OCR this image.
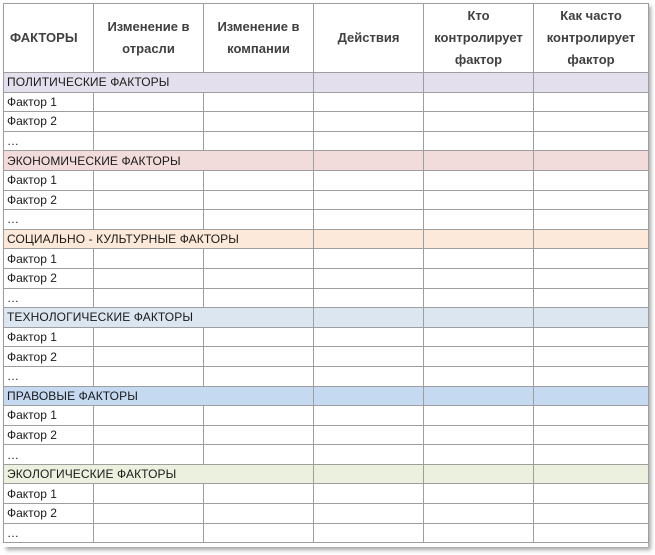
ФАКТОРЫ	Изменение в отрасли	Изменение в компании	Действия	Кто контролирует фактор	Как часто контролирует фактор

ПОЛИТИЧЕСКИЕ ФАКТОРЫ					
Фактор 1					
Фактор 2					
…					
ЭКОНОМИЧЕСКИЕ ФАКТОРЫ					
Фактор 1					
Фактор 2					
…					
СОЦИАЛЬНО - КУЛЬТУРНЫЕ ФАКТОРЫ					
Фактор 1					
Фактор 2					
…					
ТЕХНОЛОГИЧЕСКИЕ ФАКТОРЫ					
Фактор 1					
Фактор 2					
…					
ПРАВОВЫЕ ФАКТОРЫ					
Фактор 1					
Фактор 2					
…					
ЭКОЛОГИЧЕСКИЕ ФАКТОРЫ					
Фактор 1					
Фактор 2					
…					
